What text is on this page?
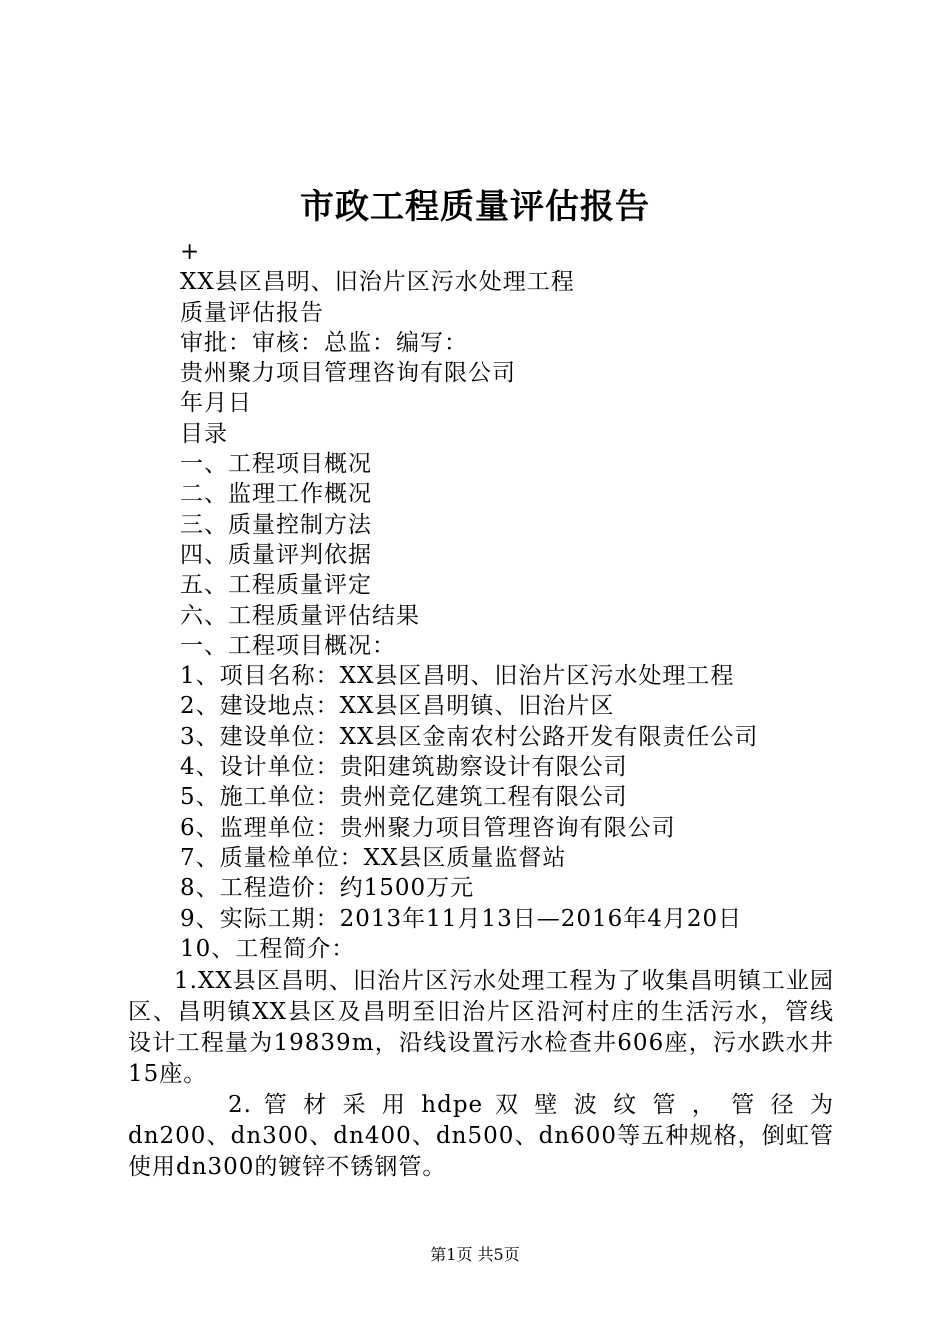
市政工程质量评估报告
+
XX县区昌明、旧治片区污水处理工程
质量评估报告
审批：审核：总监：编写：
贵州聚力项目管理咨询有限公司
年月日
目录
一、工程项目概况
二、监理工作概况
三、质量控制方法
四、质量评判依据
五、工程质量评定
六、工程质量评估结果
一、工程项目概况：
1、项目名称：XX县区昌明、旧治片区污水处理工程
2、建设地点：XX县区昌明镇、旧治片区
3、建设单位：XX县区金南农村公路开发有限责任公司
4、设计单位：贵阳建筑勘察设计有限公司
5、施工单位：贵州竞亿建筑工程有限公司
6、监理单位：贵州聚力项目管理咨询有限公司
7、质量检单位：XX县区质量监督站
8、工程造价：约1500万元
9、实际工期：2013年11月13日—2016年4月20日
10、工程简介：

1.XX县区昌明、旧治片区污水处理工程为了收集昌明镇工业园区、昌明镇XX县区及昌明至旧治片区沿河村庄的生活污水，管线设计工程量为19839m，沿线设置污水检查井606座，污水跌水井15座。

2. 管 材 采 用 hdpe 双 壁 波 纹 管 ， 管 径 为

dn200、dn300、dn400、dn500、dn600等五种规格，倒虹管使用dn300的镀锌不锈钢管。

第1页 共5页
